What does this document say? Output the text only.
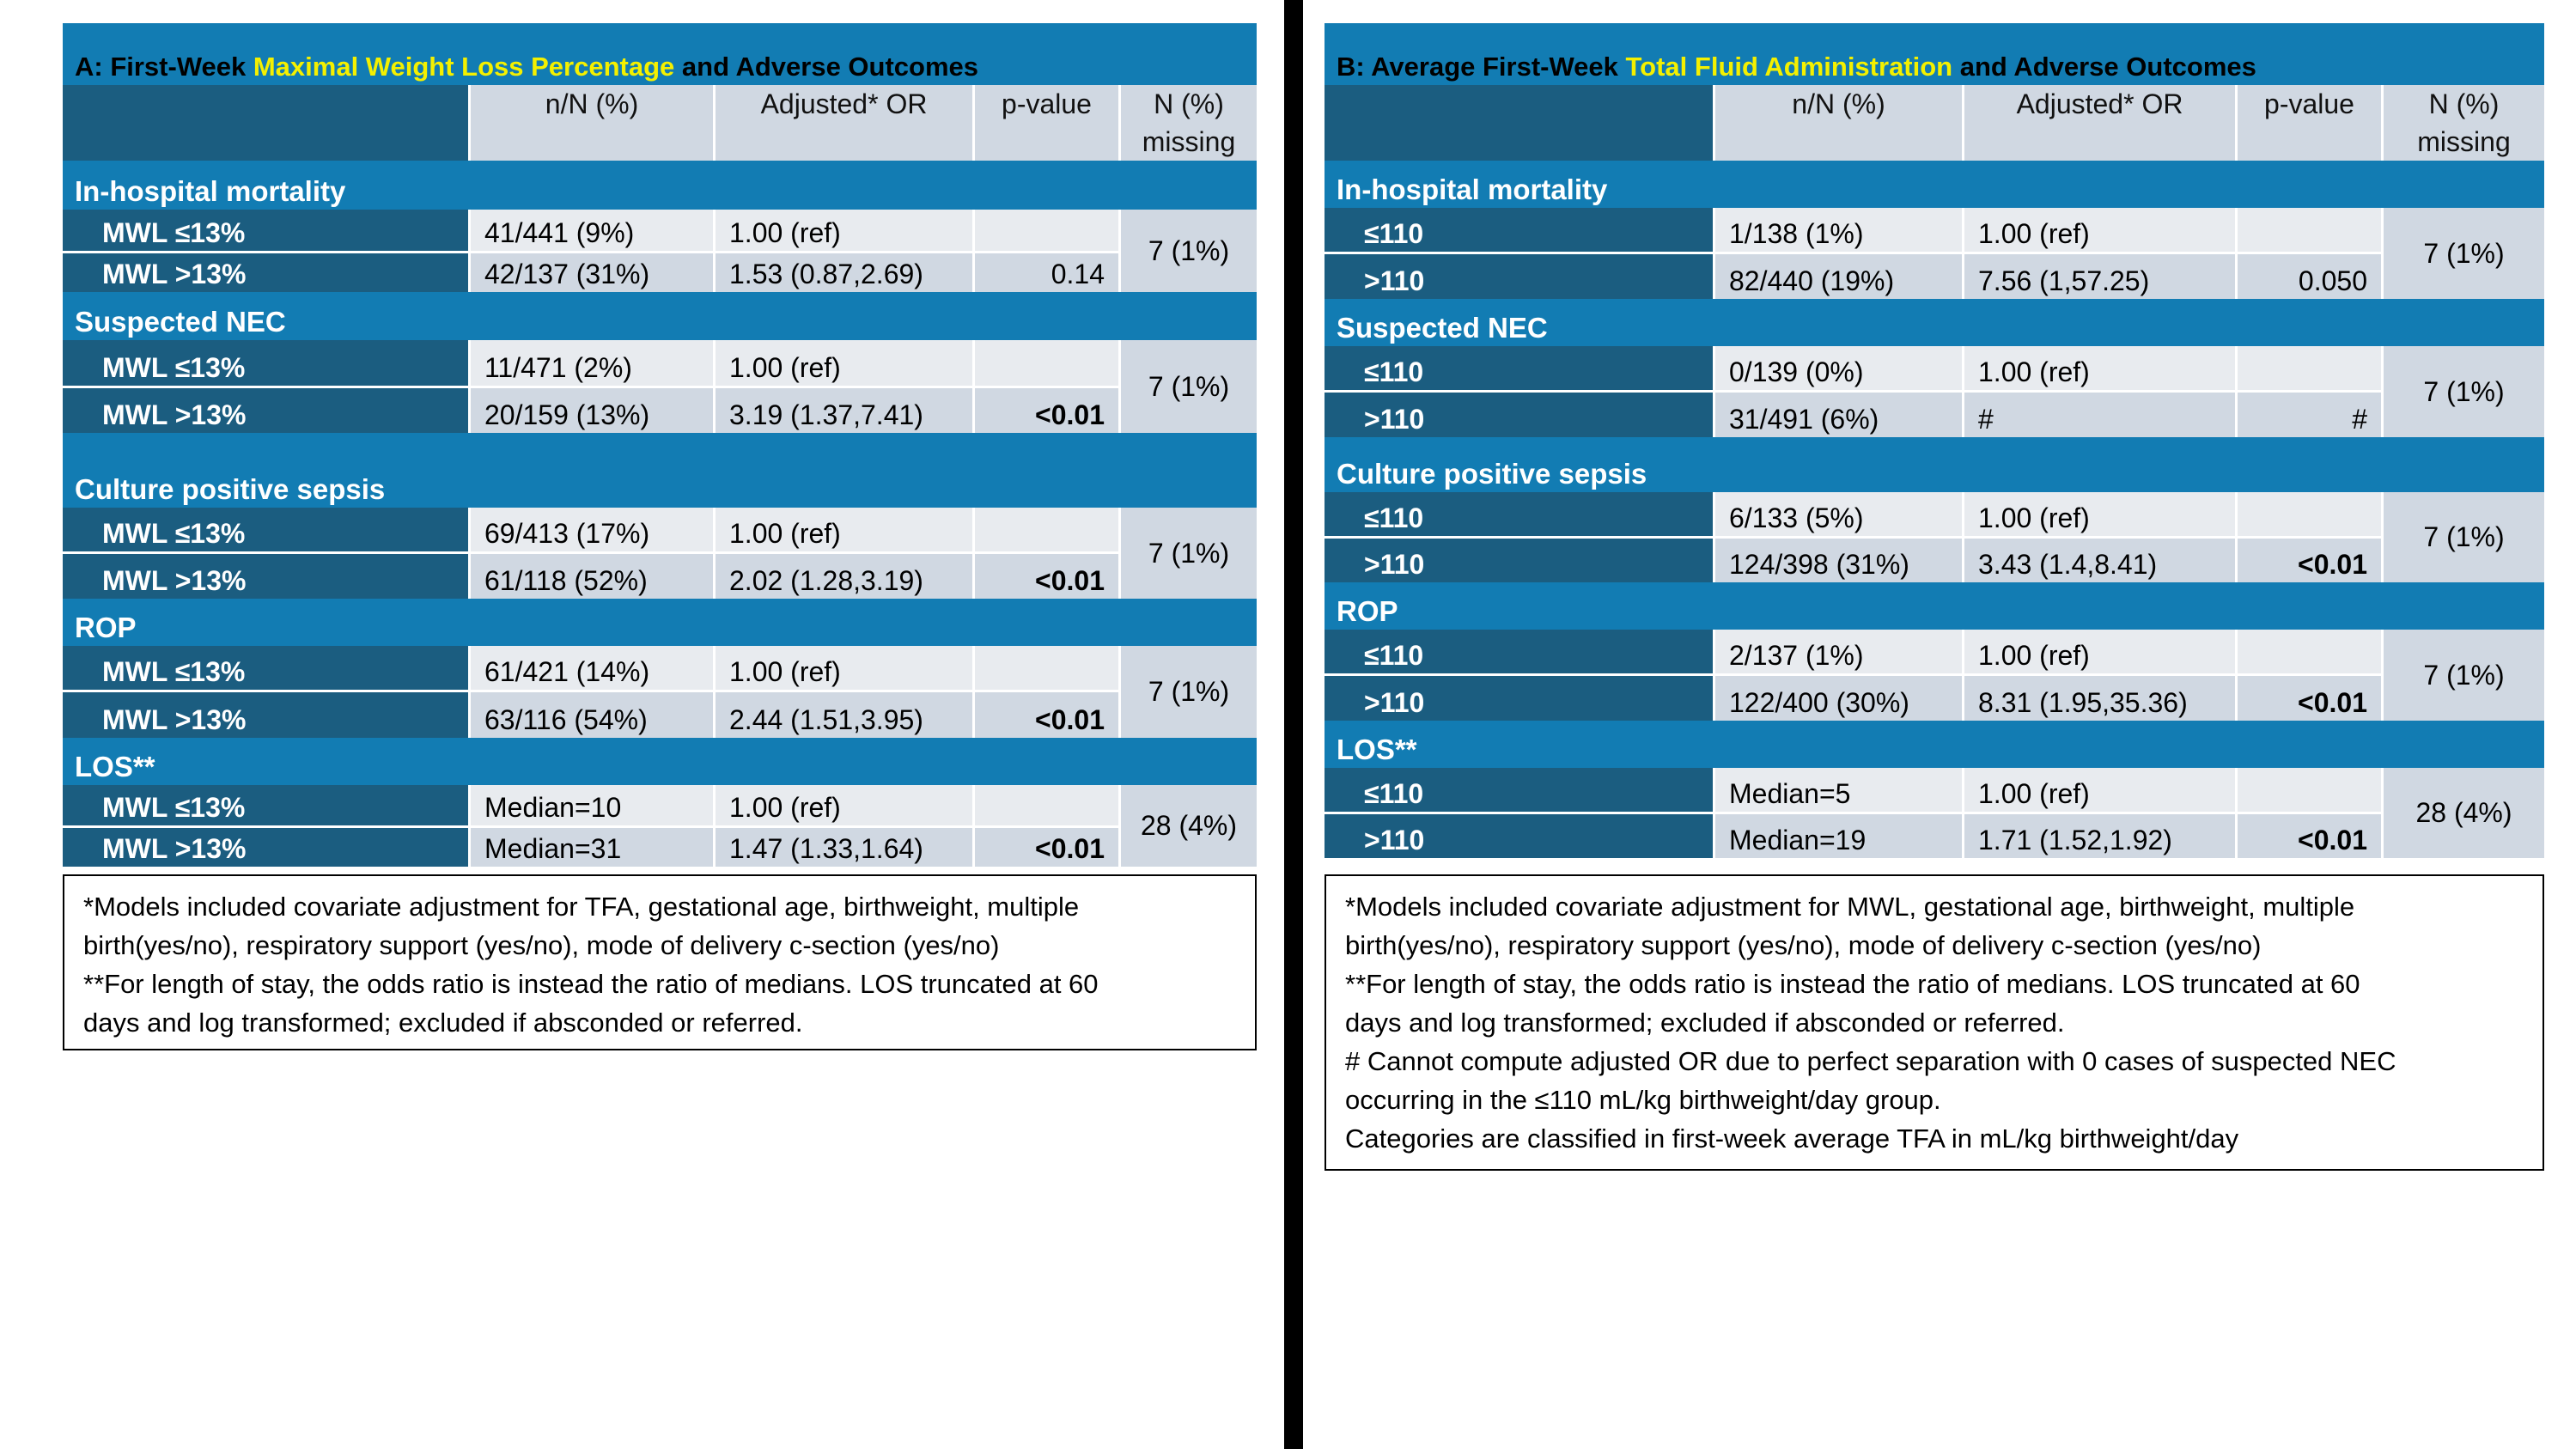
A: First-Week Maximal Weight Loss Percentage and Adverse Outcomes
n/N (%)	Adjusted* OR	p-value	N (%)
missing
In-hospital mortality
MWL ≤13%	41/441 (9%)	1.00 (ref)
MWL >13%	42/137 (31%)	1.53 (0.87,2.69)	0.14
7 (1%)
Suspected NEC
MWL ≤13%	11/471 (2%)	1.00 (ref)
MWL >13%	20/159 (13%)	3.19 (1.37,7.41)	<0.01
7 (1%)
Culture positive sepsis
MWL ≤13%	69/413 (17%)	1.00 (ref)
MWL >13%	61/118 (52%)	2.02 (1.28,3.19)	<0.01
7 (1%)
ROP
MWL ≤13%	61/421 (14%)	1.00 (ref)
MWL >13%	63/116 (54%)	2.44 (1.51,3.95)	<0.01
7 (1%)
LOS**
MWL ≤13%	Median=10	1.00 (ref)
MWL >13%	Median=31	1.47 (1.33,1.64)	<0.01
28 (4%)
B: Average First-Week Total Fluid Administration and Adverse Outcomes
n/N (%)	Adjusted* OR	p-value	N (%)
missing
In-hospital mortality
≤110	1/138 (1%)	1.00 (ref)
>110	82/440 (19%)	7.56 (1,57.25)	0.050
7 (1%)
Suspected NEC
≤110	0/139 (0%)	1.00 (ref)
>110	31/491 (6%)	#	#
7 (1%)
Culture positive sepsis
≤110	6/133 (5%)	1.00 (ref)
>110	124/398 (31%)	3.43 (1.4,8.41)	<0.01
7 (1%)
ROP
≤110	2/137 (1%)	1.00 (ref)
>110	122/400 (30%)	8.31 (1.95,35.36)	<0.01
7 (1%)
LOS**
≤110	Median=5	1.00 (ref)
>110	Median=19	1.71 (1.52,1.92)	<0.01
28 (4%)
*Models included covariate adjustment for TFA, gestational age, birthweight, multiple
birth(yes/no), respiratory support (yes/no), mode of delivery c-section (yes/no)
**For length of stay, the odds ratio is instead the ratio of medians. LOS truncated at 60
days and log transformed; excluded if absconded or referred.
*Models included covariate adjustment for MWL, gestational age, birthweight, multiple
birth(yes/no), respiratory support (yes/no), mode of delivery c-section (yes/no)
**For length of stay, the odds ratio is instead the ratio of medians. LOS truncated at 60
days and log transformed; excluded if absconded or referred.
# Cannot compute adjusted OR due to perfect separation with 0 cases of suspected NEC
occurring in the ≤110 mL/kg birthweight/day group.
Categories are classified in first-week average TFA in mL/kg birthweight/day
